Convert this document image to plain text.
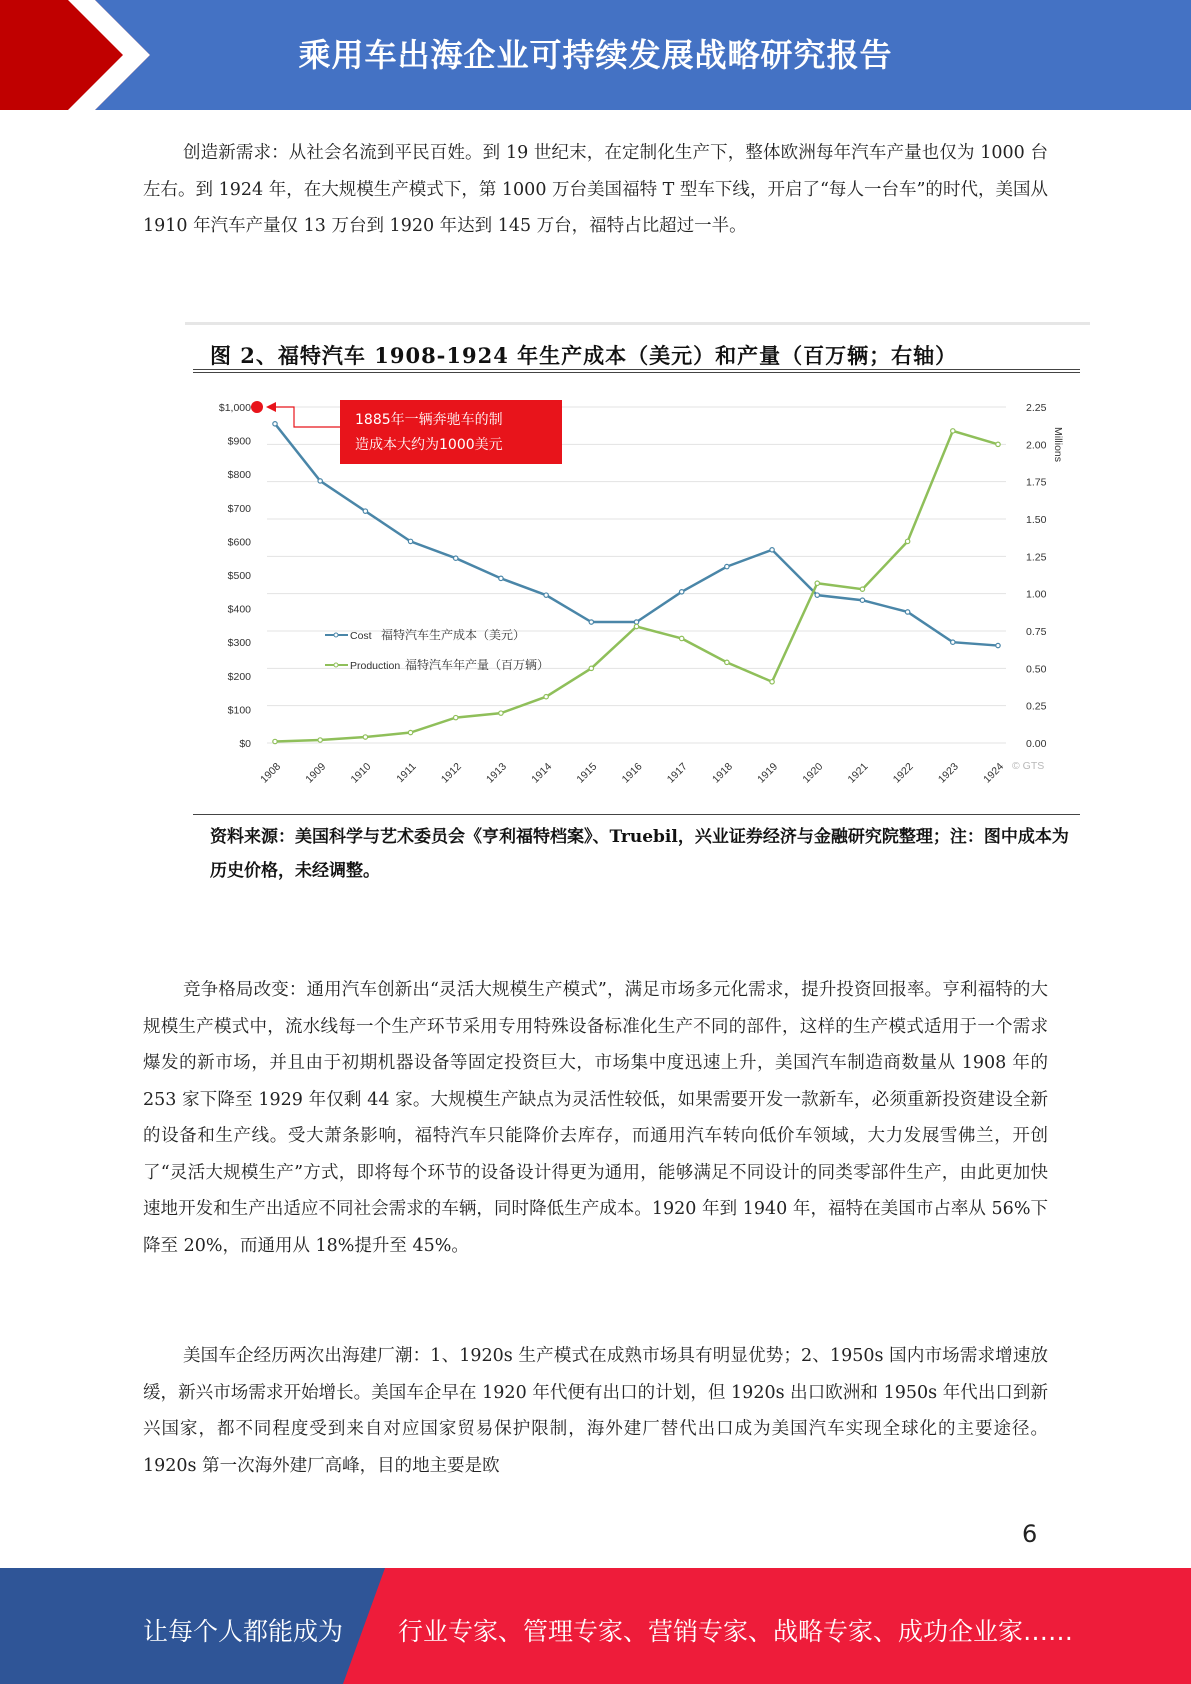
乘用车出海企业可持续发展战略研究报告

创造新需求：从社会名流到平民百姓。到 19 世纪末，在定制化生产下，整体欧洲每年汽车产量也仅为 1000 台左右。到 1924 年，在大规模生产模式下，第 1000 万台美国福特 T 型车下线，开启了“每人一台车”的时代，美国从 1910 年汽车产量仅 13 万台到 1920 年达到 145 万台，福特占比超过一半。

图 2、福特汽车 1908-1924 年生产成本（美元）和产量（百万辆；右轴）
0.00
0.25
0.50
0.75
1.00
1.25
1.50
1.75
2.00
2.25
$0
$100
$200
$300
$400
$500
$600
$700
$800
$900
$1,000
Millions
1908 1909 1910 1911 1912 1913 1914 1915 1916 1917 1918 1919 1920 1921 1922 1923 1924 © GTS
Cost 福特汽车生产成本（美元）
Production 福特汽车年产量（百万辆）
1885年一辆奔驰车的制
造成本大约为1000美元
资料来源：美国科学与艺术委员会《亨利福特档案》、Truebil，兴业证券经济与金融研究院整理；注：图中成本为历史价格，未经调整。

竞争格局改变：通用汽车创新出“灵活大规模生产模式”，满足市场多元化需求，提升投资回报率。亨利福特的大规模生产模式中，流水线每一个生产环节采用专用特殊设备标准化生产不同的部件，这样的生产模式适用于一个需求爆发的新市场，并且由于初期机器设备等固定投资巨大，市场集中度迅速上升，美国汽车制造商数量从 1908 年的 253 家下降至 1929 年仅剩 44 家。大规模生产缺点为灵活性较低，如果需要开发一款新车，必须重新投资建设全新的设备和生产线。受大萧条影响，福特汽车只能降价去库存，而通用汽车转向低价车领域，大力发展雪佛兰，开创了“灵活大规模生产”方式，即将每个环节的设备设计得更为通用，能够满足不同设计的同类零部件生产，由此更加快速地开发和生产出适应不同社会需求的车辆，同时降低生产成本。1920 年到 1940 年，福特在美国市占率从 56%下降至 20%，而通用从 18%提升至 45%。

美国车企经历两次出海建厂潮：1、1920s 生产模式在成熟市场具有明显优势；2、1950s 国内市场需求增速放缓，新兴市场需求开始增长。美国车企早在 1920 年代便有出口的计划，但 1920s 出口欧洲和 1950s 年代出口到新兴国家，都不同程度受到来自对应国家贸易保护限制，海外建厂替代出口成为美国汽车实现全球化的主要途径。 1920s 第一次海外建厂高峰，目的地主要是欧

6
让每个人都能成为 行业专家、管理专家、营销专家、战略专家、成功企业家……
